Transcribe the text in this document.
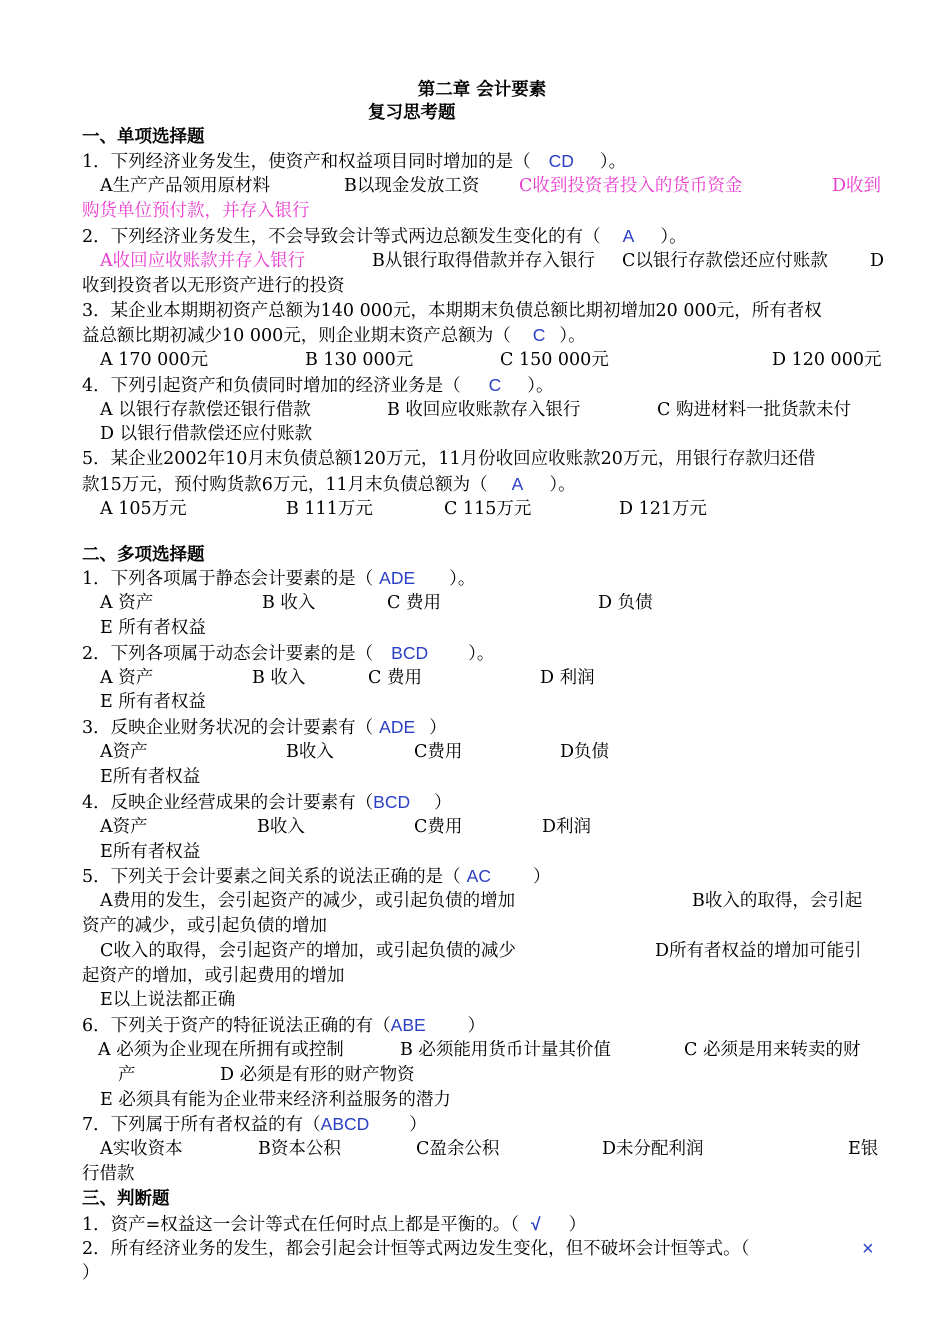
第二章 会计要素
复习思考题
一、单项选择题
1．下列经济业务发生，使资产和权益项目同时增加的是（ CD ）。
A生产产品领用原材料	B以现金发放工资 C收到投资者投入的货币资金	D收到
购货单位预付款，并存入银行
2．下列经济业务发生，不会导致会计等式两边总额发生变化的有（ A ）。
A收回应收账款并存入银行	B从银行取得借款并存入银行 C以银行存款偿还应付账款 D
收到投资者以无形资产进行的投资
3．某企业本期期初资产总额为140 000元，本期期末负债总额比期初增加20 000元，所有者权
益总额比期初减少10 000元，则企业期末资产总额为（ C ）。
A 170 000元	B 130 000元	C 150 000元	D 120 000元
4．下列引起资产和负债同时增加的经济业务是（ C ）。
A 以银行存款偿还银行借款	B 收回应收账款存入银行	C 购进材料一批货款未付
D 以银行借款偿还应付账款
5．某企业2002年10月末负债总额120万元，11月份收回应收账款20万元，用银行存款归还借
款15万元，预付购货款6万元，11月末负债总额为（ A ）。
A 105万元	B 111万元	C 115万元	D 121万元
二、多项选择题
1．下列各项属于静态会计要素的是（ ADE ）。
A 资产	B 收入	C 费用	D 负债
E 所有者权益
2．下列各项属于动态会计要素的是（ BCD ）。
A 资产	B 收入	C 费用	D 利润
E 所有者权益
3．反映企业财务状况的会计要素有（ ADE ）
A资产	B收入	C费用	D负债
E所有者权益
4．反映企业经营成果的会计要素有（BCD ）
A资产	B收入	C费用	D利润
E所有者权益
5．下列关于会计要素之间关系的说法正确的是（ AC ）
A费用的发生，会引起资产的减少，或引起负债的增加	B收入的取得，会引起
资产的减少，或引起负债的增加
C收入的取得，会引起资产的增加，或引起负债的减少	D所有者权益的增加可能引
起资产的增加，或引起费用的增加
E以上说法都正确
6．下列关于资产的特征说法正确的有（ABE ）
A 必须为企业现在所拥有或控制	B 必须能用货币计量其价值	C 必须是用来转卖的财
产	D 必须是有形的财产物资
E 必须具有能为企业带来经济利益服务的潜力
7．下列属于所有者权益的有（ABCD ）
A实收资本	B资本公积	C盈余公积	D未分配利润	E银
行借款
三、判断题
1．资产=权益这一会计等式在任何时点上都是平衡的。（ √ ）
2．所有经济业务的发生，都会引起会计恒等式两边发生变化，但不破坏会计恒等式。（	×
）
